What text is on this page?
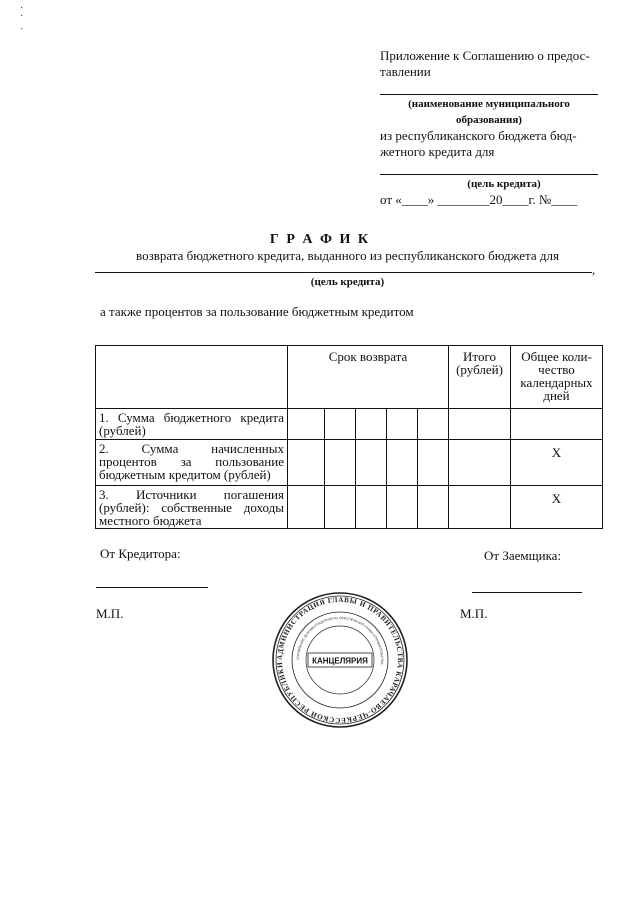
·
·
ˎ
Приложение к Соглашению о предос-
тавлении
(наименование муниципального образования)
из республиканского бюджета бюд-
жетного кредита для
(цель кредита)
от «____» ________20____г. №____
Г Р А Ф И К
возврата бюджетного кредита, выданного из республиканского бюджета для
,
(цель кредита)
а также процентов за пользование бюджетным кредитом
	Срок возврата					Итого (рублей)	Общее коли- чество календарных дней
1. Сумма бюджетного кредита (рублей)							
2. Сумма начисленных процентов за пользование бюджетным кредитом (рублей)							Х
3. Источники погашения (рублей): собственные доходы местного бюджета							Х
От Кредитора:	От Заемщика:
М.П.	М.П.
АДМИНИСТРАЦИЯ ГЛАВЫ И ПРАВИТЕЛЬСТВА КАРАЧАЕВО-ЧЕРКЕССКОЙ РЕСПУБЛИКИ
УПРАВЛЕНИЕ ДОКУМЕНТАЦИОННОГО ОБЕСПЕЧЕНИЯ ГЛАВЫ И ПРАВИТЕЛЬСТВА
КАНЦЕЛЯРИЯ
